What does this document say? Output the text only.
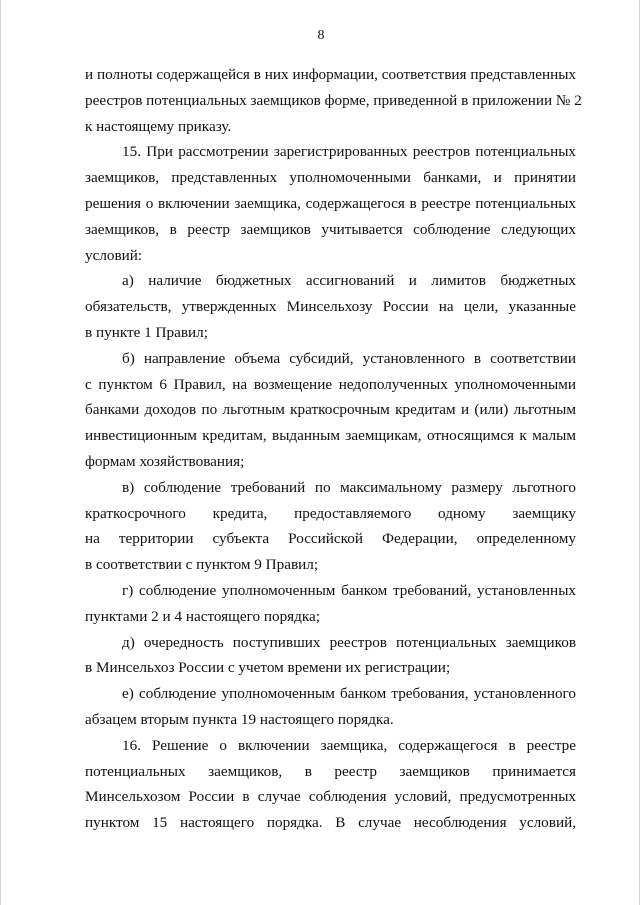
8

и полноты содержащейся в них информации, соответствия представленных
реестров потенциальных заемщиков форме, приведенной в приложении № 2
к настоящему приказу.

15. При рассмотрении зарегистрированных реестров потенциальных
заемщиков, представленных уполномоченными банками, и принятии
решения о включении заемщика, содержащегося в реестре потенциальных
заемщиков, в реестр заемщиков учитывается соблюдение следующих
условий:

а) наличие бюджетных ассигнований и лимитов бюджетных
обязательств, утвержденных Минсельхозу России на цели, указанные
в пункте 1 Правил;

б) направление объема субсидий, установленного в соответствии
с пунктом 6 Правил, на возмещение недополученных уполномоченными
банками доходов по льготным краткосрочным кредитам и (или) льготным
инвестиционным кредитам, выданным заемщикам, относящимся к малым
формам хозяйствования;

в) соблюдение требований по максимальному размеру льготного
краткосрочного кредита, предоставляемого одному заемщику
на территории субъекта Российской Федерации, определенному
в соответствии с пунктом 9 Правил;

г) соблюдение уполномоченным банком требований, установленных
пунктами 2 и 4 настоящего порядка;

д) очередность поступивших реестров потенциальных заемщиков
в Минсельхоз России с учетом времени их регистрации;

е) соблюдение уполномоченным банком требования, установленного
абзацем вторым пункта 19 настоящего порядка.

16. Решение о включении заемщика, содержащегося в реестре
потенциальных заемщиков, в реестр заемщиков принимается
Минсельхозом России в случае соблюдения условий, предусмотренных
пунктом 15 настоящего порядка. В случае несоблюдения условий,
